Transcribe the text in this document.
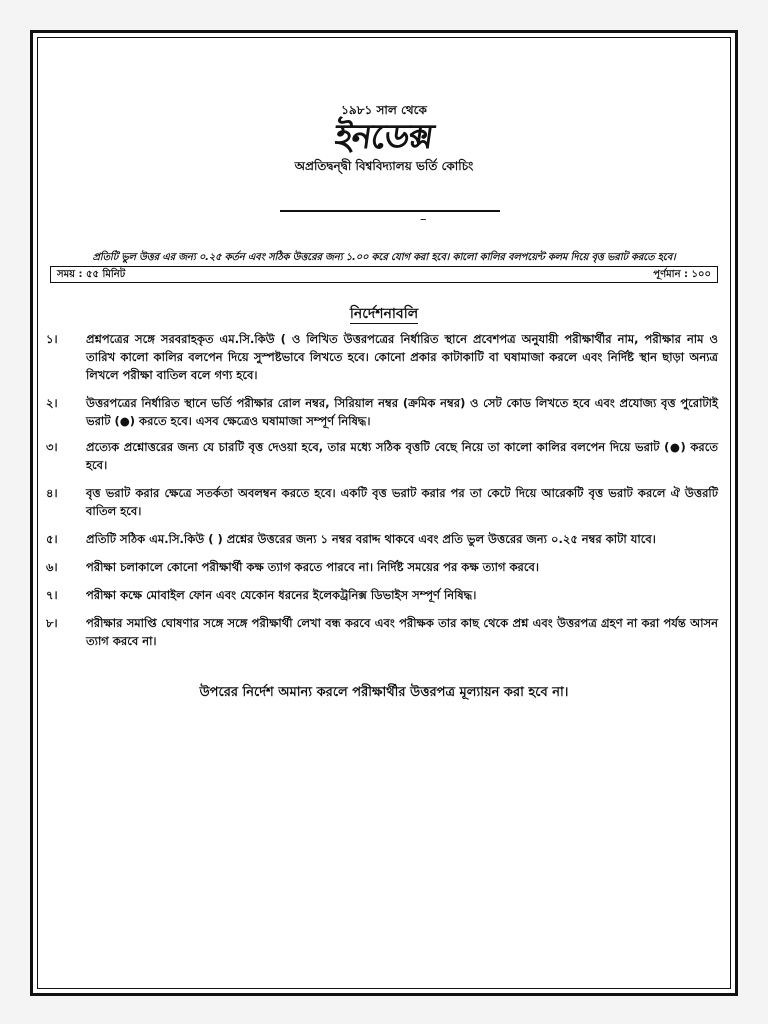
১৯৮১ সাল থেকে
ইনডেক্স
অপ্রতিদ্বন্দ্বী বিশ্ববিদ্যালয় ভর্তি কোচিং
–
প্রতিটি ভুল উত্তর এর জন্য ০.২৫ কর্তন এবং সঠিক উত্তরের জন্য ১.০০ করে যোগ করা হবে। কালো কালির বলপয়েন্ট কলম দিয়ে বৃত্ত ভরাট করতে হবে।
সময় : ৫৫ মিনিট	পূর্ণমান : ১০০
নির্দেশনাবলি
১।	প্রশ্নপত্রের সঙ্গে সরবরাহকৃত এম.সি.কিউ ( ও লিখিত উত্তরপত্রের নির্ধারিত স্থানে প্রবেশপত্র অনুযায়ী পরীক্ষার্থীর নাম, পরীক্ষার নাম ও তারিখ কালো কালির বলপেন দিয়ে সুস্পষ্টভাবে লিখতে হবে। কোনো প্রকার কাটাকাটি বা ঘষামাজা করলে এবং নির্দিষ্ট স্থান ছাড়া অন্যত্র লিখলে পরীক্ষা বাতিল বলে গণ্য হবে।
২।	উত্তরপত্রের নির্ধারিত স্থানে ভর্তি পরীক্ষার রোল নম্বর, সিরিয়াল নম্বর (ক্রমিক নম্বর) ও সেট কোড লিখতে হবে এবং প্রযোজ্য বৃত্ত পুরোটাই ভরাট (●) করতে হবে। এসব ক্ষেত্রেও ঘষামাজা সম্পূর্ণ নিষিদ্ধ।
৩।	প্রত্যেক প্রশ্নোত্তরের জন্য যে চারটি বৃত্ত দেওয়া হবে, তার মধ্যে সঠিক বৃত্তটি বেছে নিয়ে তা কালো কালির বলপেন দিয়ে ভরাট (●) করতে হবে।
৪।	বৃত্ত ভরাট করার ক্ষেত্রে সতর্কতা অবলম্বন করতে হবে। একটি বৃত্ত ভরাট করার পর তা কেটে দিয়ে আরেকটি বৃত্ত ভরাট করলে ঐ উত্তরটি বাতিল হবে।
৫।	প্রতিটি সঠিক এম.সি.কিউ ( ) প্রশ্নের উত্তরের জন্য ১ নম্বর বরাদ্দ থাকবে এবং প্রতি ভুল উত্তরের জন্য ০.২৫ নম্বর কাটা যাবে।
৬।	পরীক্ষা চলাকালে কোনো পরীক্ষার্থী কক্ষ ত্যাগ করতে পারবে না। নির্দিষ্ট সময়ের পর কক্ষ ত্যাগ করবে।
৭।	পরীক্ষা কক্ষে মোবাইল ফোন এবং যেকোন ধরনের ইলেকট্রনিক্স ডিভাইস সম্পূর্ণ নিষিদ্ধ।
৮।	পরীক্ষার সমাপ্তি ঘোষণার সঙ্গে সঙ্গে পরীক্ষার্থী লেখা বন্ধ করবে এবং পরীক্ষক তার কাছ থেকে প্রশ্ন এবং উত্তরপত্র গ্রহণ না করা পর্যন্ত আসন ত্যাগ করবে না।
উপরের নির্দেশ অমান্য করলে পরীক্ষার্থীর উত্তরপত্র মূল্যায়ন করা হবে না।
